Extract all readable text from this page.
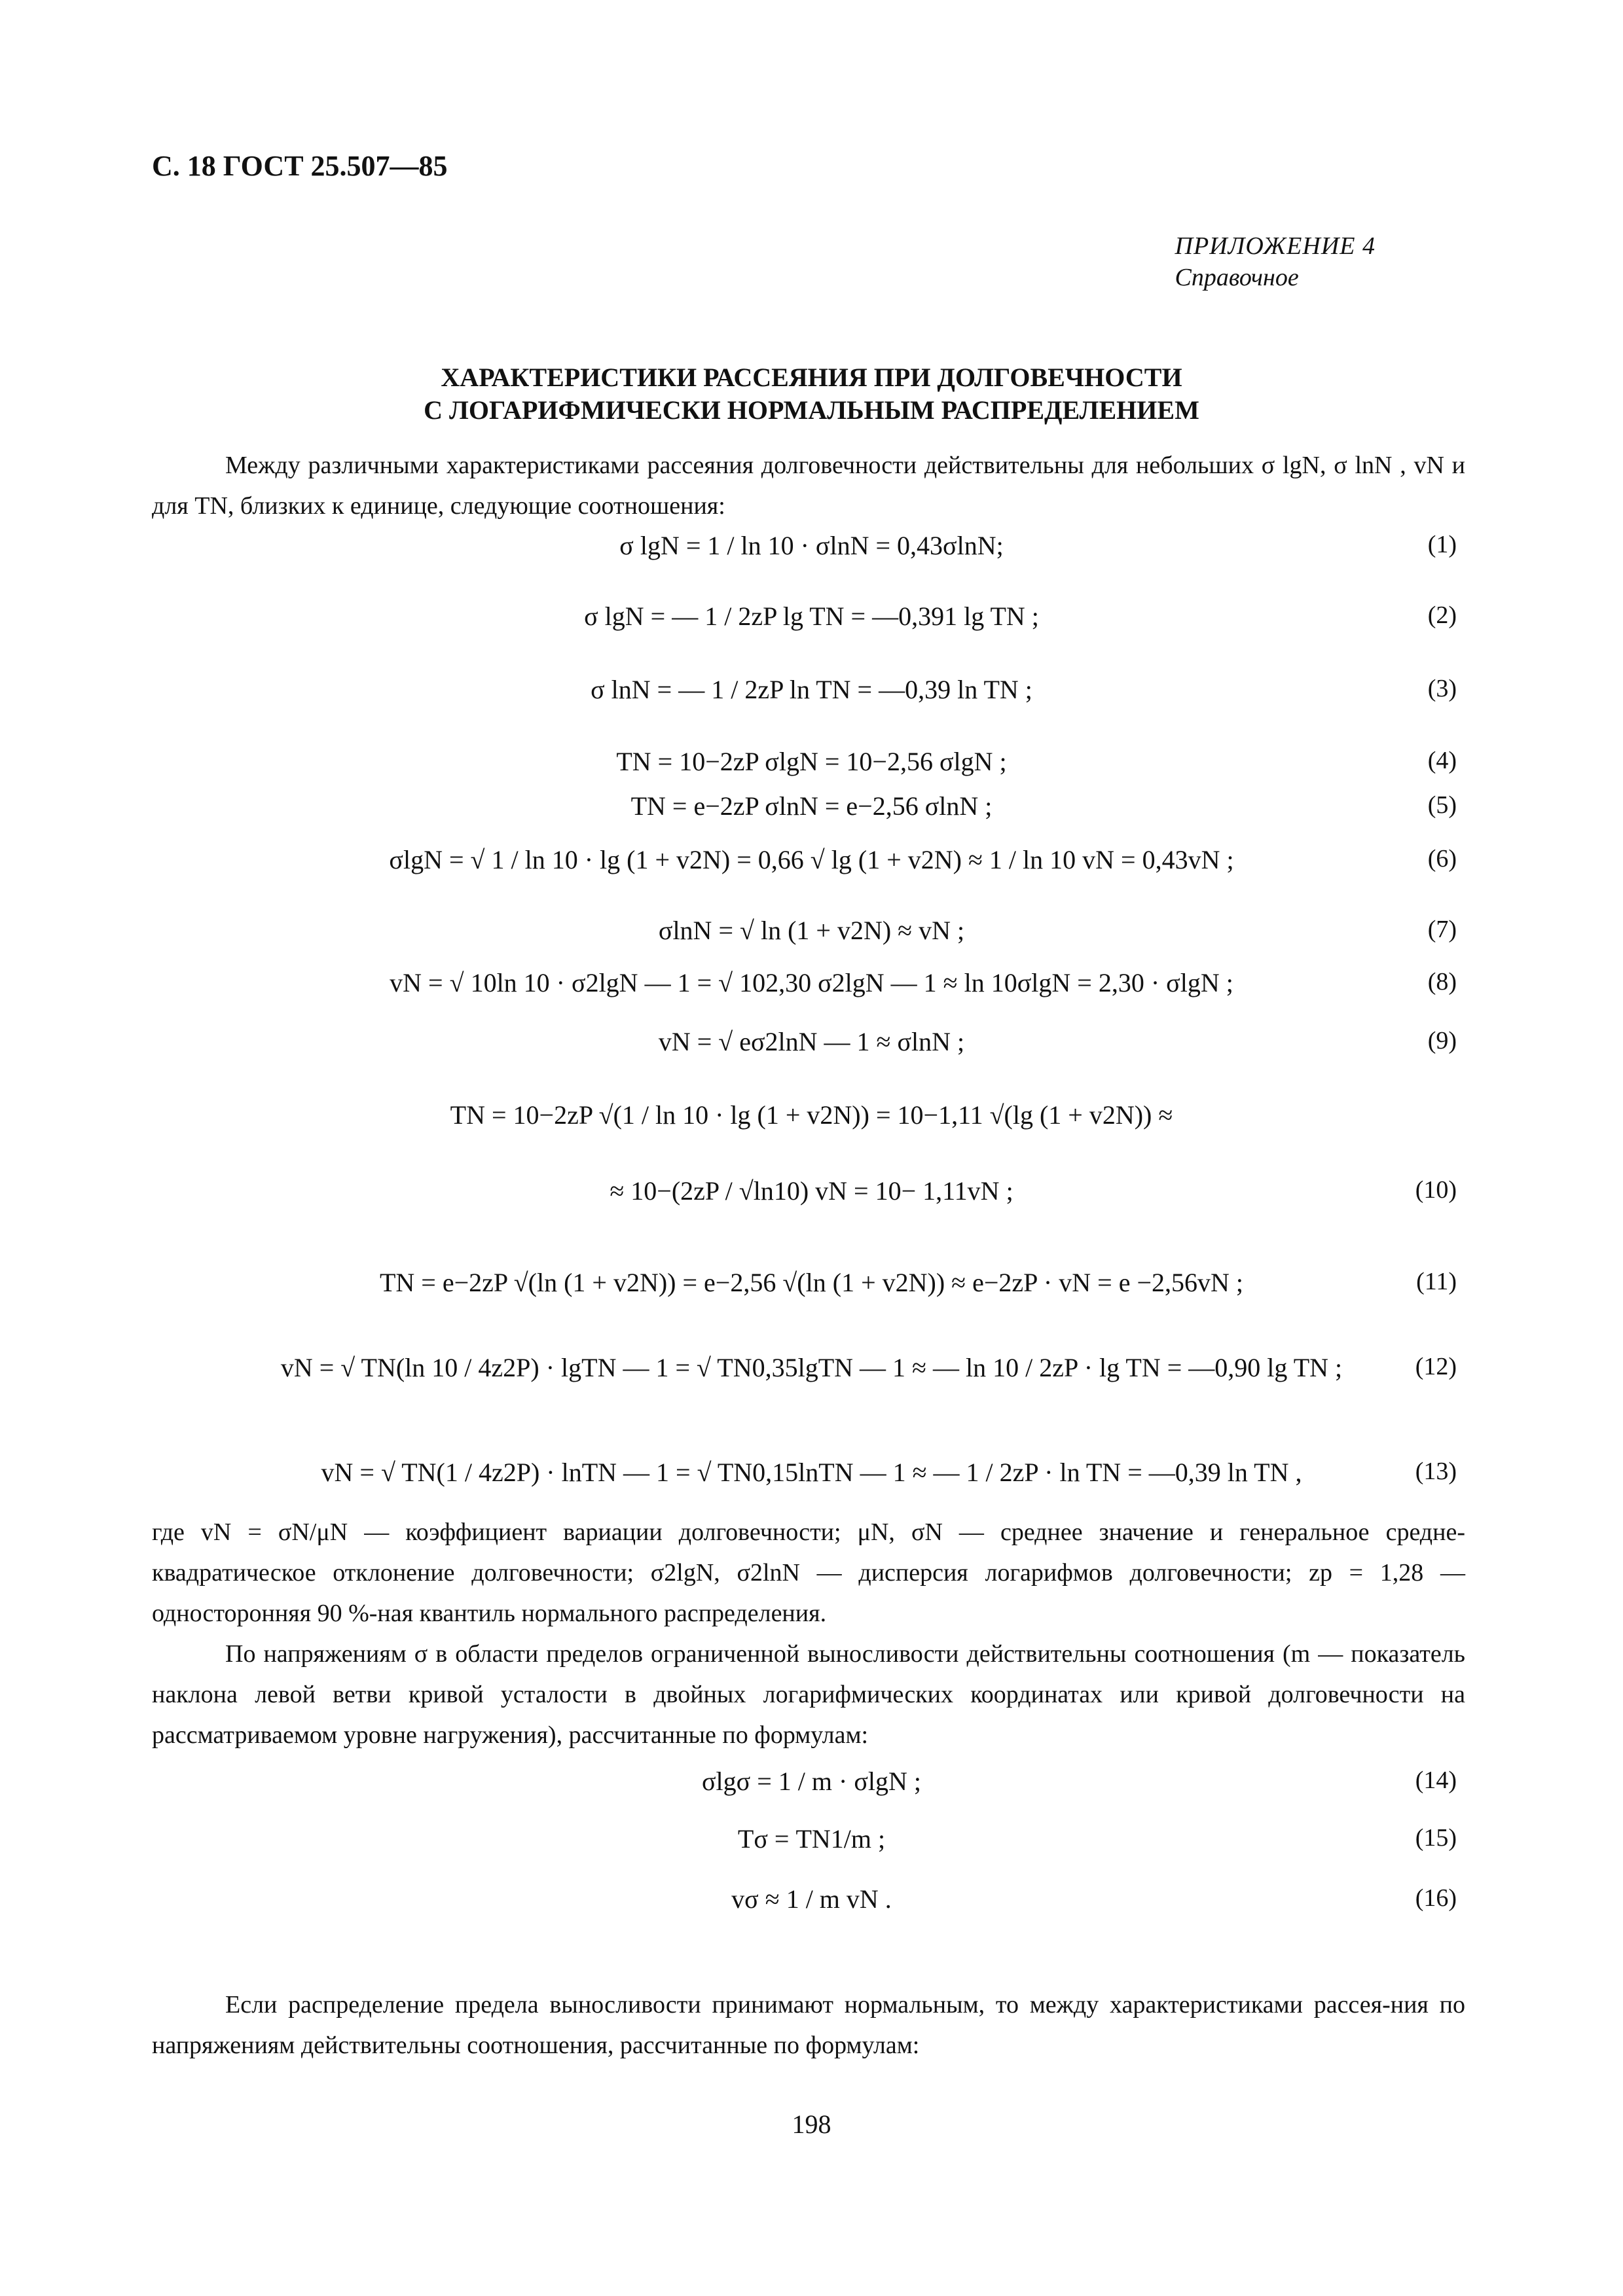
С. 18 ГОСТ 25.507—85
ПРИЛОЖЕНИЕ 4
Справочное
ХАРАКТЕРИСТИКИ РАССЕЯНИЯ ПРИ ДОЛГОВЕЧНОСТИ
С ЛОГАРИФМИЧЕСКИ НОРМАЛЬНЫМ РАСПРЕДЕЛЕНИЕМ
Между различными характеристиками рассеяния долговечности действительны для небольших σ lgN, σ lnN , vN и для TN, близких к единице, следующие соотношения:
σ lgN = 1 / ln 10 · σlnN = 0,43σlnN;	(1)
σ lgN = — 1 / 2zP lg TN = —0,391 lg TN ;	(2)
σ lnN = — 1 / 2zP ln TN = —0,39 ln TN ;	(3)
TN = 10−2zP σlgN = 10−2,56 σlgN ;	(4)
TN = e−2zP σlnN = e−2,56 σlnN ;	(5)
σlgN = √ 1 / ln 10 · lg (1 + v2N) = 0,66 √ lg (1 + v2N) ≈ 1 / ln 10 vN = 0,43vN ;	(6)
σlnN = √ ln (1 + v2N) ≈ vN ;	(7)
vN = √ 10ln 10 · σ2lgN — 1 = √ 102,30 σ2lgN — 1 ≈ ln 10σlgN = 2,30 · σlgN ;	(8)
vN = √ eσ2lnN — 1 ≈ σlnN ;	(9)
TN = 10−2zP √(1 / ln 10 · lg (1 + v2N)) = 10−1,11 √(lg (1 + v2N)) ≈
≈ 10−(2zP / √ln10) vN = 10− 1,11vN ;	(10)
TN = e−2zP √(ln (1 + v2N)) = e−2,56 √(ln (1 + v2N)) ≈ e−2zP · vN = e −2,56vN ;	(11)
vN = √ TN(ln 10 / 4z2P) · lgTN — 1 = √ TN0,35lgTN — 1 ≈ — ln 10 / 2zP · lg TN = —0,90 lg TN ;	(12)
vN = √ TN(1 / 4z2P) · lnTN — 1 = √ TN0,15lnTN — 1 ≈ — 1 / 2zP · ln TN = —0,39 ln TN ,	(13)
где vN = σN/μN — коэффициент вариации долговечности; μN, σN — среднее значение и генеральное средне-квадратическое отклонение долговечности; σ2lgN, σ2lnN — дисперсия логарифмов долговечности; zp = 1,28 — односторонняя 90 %-ная квантиль нормального распределения.
По напряжениям σ в области пределов ограниченной выносливости действительны соотношения (m — показатель наклона левой ветви кривой усталости в двойных логарифмических координатах или кривой долговечности на рассматриваемом уровне нагружения), рассчитанные по формулам:
σlgσ = 1 / m · σlgN ;	(14)
Tσ = TN1/m ;	(15)
vσ ≈ 1 / m vN .	(16)
Если распределение предела выносливости принимают нормальным, то между характеристиками рассея-ния по напряжениям действительны соотношения, рассчитанные по формулам:
198
